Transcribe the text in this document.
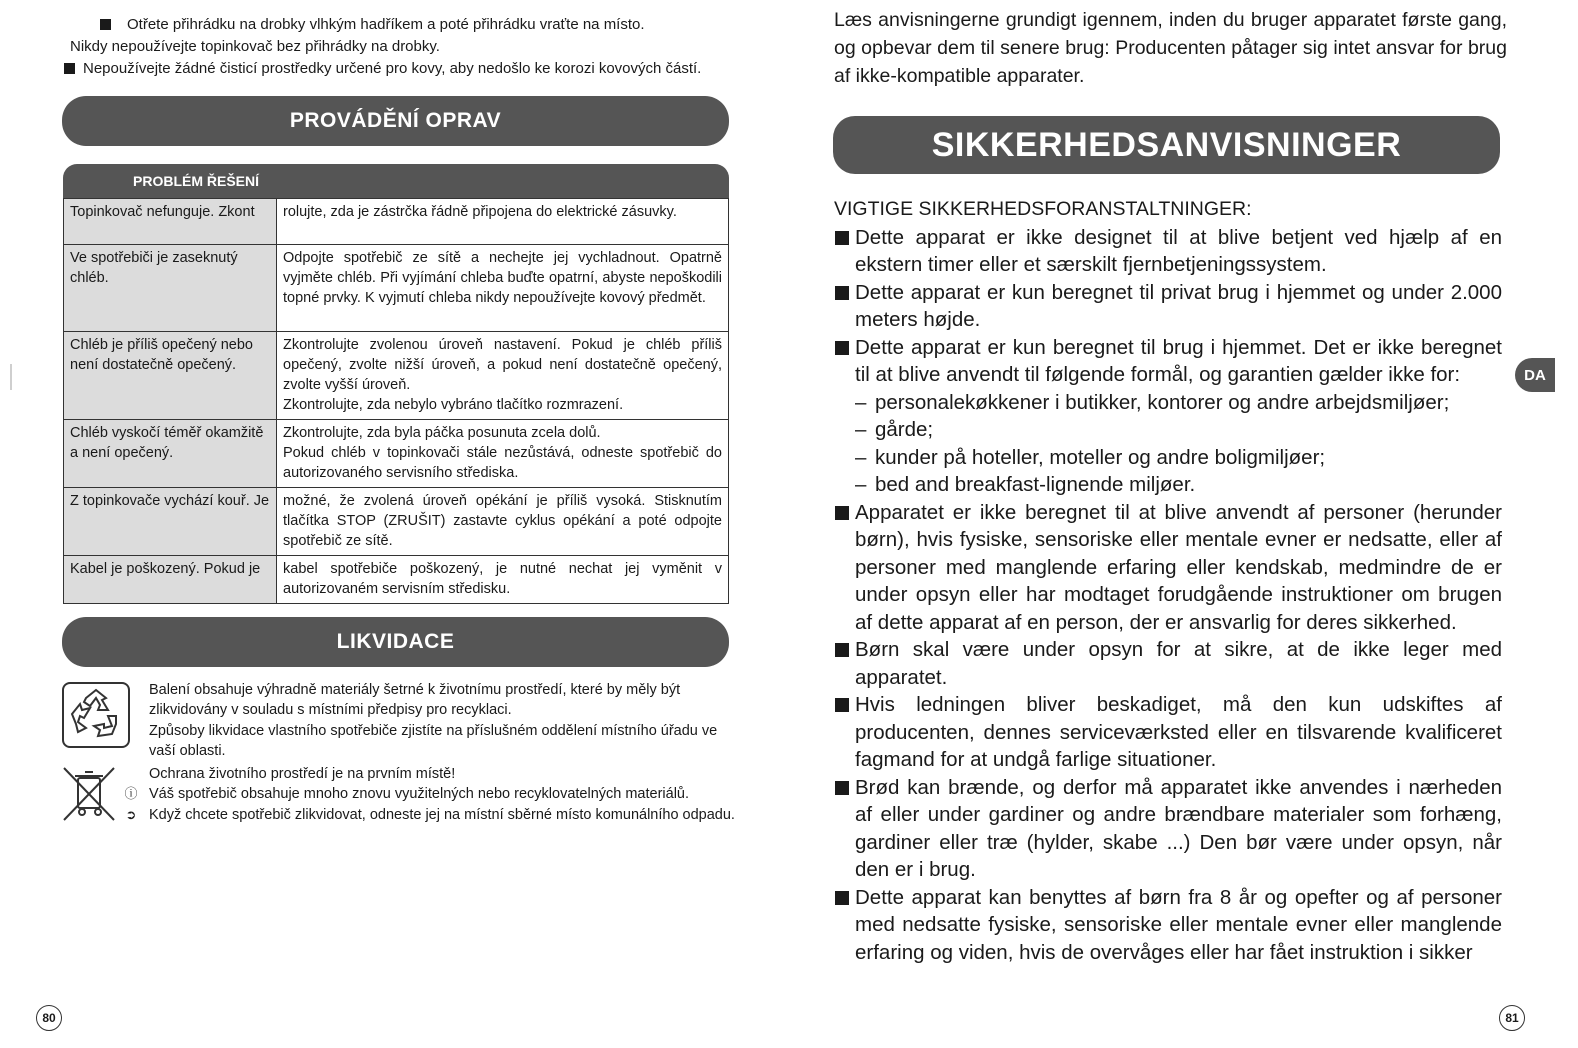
Otřete přihrádku na drobky vlhkým hadříkem a poté přihrádku vraťte na místo.
Nikdy nepoužívejte topinkovač bez přihrádky na drobky.
Nepoužívejte žádné čisticí prostředky určené pro kovy, aby nedošlo ke korozi kovových částí.
PROVÁDĚNÍ OPRAV
PROBLÉM ŘEŠENÍ
Topinkovač nefunguje. Zkont	rolujte, zda je zástrčka řádně připojena do elektrické zásuvky.
Ve spotřebiči je zaseknutý chléb.	Odpojte spotřebič ze sítě a nechejte jej vychladnout. Opatrně vyjměte chléb. Při vyjímání chleba buďte opatrní, abyste nepoškodili topné prvky. K vyjmutí chleba nikdy nepoužívejte kovový předmět.
Chléb je příliš opečený nebo není dostatečně opečený.	Zkontrolujte zvolenou úroveň nastavení. Pokud je chléb příliš opečený, zvolte nižší úroveň, a pokud není dostatečně opečený, zvolte vyšší úroveň.
Zkontrolujte, zda nebylo vybráno tlačítko rozmrazení.

Chléb vyskočí téměř okamžitě a není opečený.	Zkontrolujte, zda byla páčka posunuta zcela dolů.
Pokud chléb v topinkovači stále nezůstává, odneste spotřebič do autorizovaného servisního střediska.

Z topinkovače vychází kouř. Je	možné, že zvolená úroveň opékání je příliš vysoká. Stisknutím tlačítka STOP (ZRUŠIT) zastavte cyklus opékání a poté odpojte spotřebič ze sítě.
Kabel je poškozený. Pokud je	kabel spotřebiče poškozený, je nutné nechat jej vyměnit v autorizovaném servisním středisku.
LIKVIDACE
Balení obsahuje výhradně materiály šetrné k životnímu prostředí, které by měly být zlikvidovány v souladu s místními předpisy pro recyklaci.
Způsoby likvidace vlastního spotřebiče zjistíte na příslušném oddělení místního úřadu ve vaší oblasti.
Ochrana životního prostředí je na prvním místě!
ⓘ Váš spotřebič obsahuje mnoho znovu využitelných nebo recyklovatelných materiálů.
➲ Když chcete spotřebič zlikvidovat, odneste jej na místní sběrné místo komunálního odpadu.
80
Læs anvisningerne grundigt igennem, inden du bruger apparatet første gang, og opbevar dem til senere brug: Producenten påtager sig intet ansvar for brug af ikke-kompatible apparater.
SIKKERHEDSANVISNINGER
VIGTIGE SIKKERHEDSFORANSTALTNINGER:
Dette apparat er ikke designet til at blive betjent ved hjælp af en ekstern timer eller et særskilt fjernbetjeningssystem.
Dette apparat er kun beregnet til privat brug i hjemmet og under 2.000 meters højde.
Dette apparat er kun beregnet til brug i hjemmet. Det er ikke beregnet til at blive anvendt til følgende formål, og garantien gælder ikke for:
– personalekøkkener i butikker, kontorer og andre arbejdsmiljøer;
– gårde;
– kunder på hoteller, moteller og andre boligmiljøer;
– bed and breakfast-lignende miljøer.
Apparatet er ikke beregnet til at blive anvendt af personer (herunder børn), hvis fysiske, sensoriske eller mentale evner er nedsatte, eller af personer med manglende erfaring eller kendskab, medmindre de er under opsyn eller har modtaget forudgående instruktioner om brugen af dette apparat af en person, der er ansvarlig for deres sikkerhed.
Børn skal være under opsyn for at sikre, at de ikke leger med apparatet.
Hvis ledningen bliver beskadiget, må den kun udskiftes af producenten, dennes serviceværksted eller en tilsvarende kvalificeret fagmand for at undgå farlige situationer.
Brød kan brænde, og derfor må apparatet ikke anvendes i nærheden af eller under gardiner og andre brændbare materialer som forhæng, gardiner eller træ (hylder, skabe ...) Den bør være under opsyn, når den er i brug.
Dette apparat kan benyttes af børn fra 8 år og opefter og af personer med nedsatte fysiske, sensoriske eller mentale evner eller manglende erfaring og viden, hvis de overvåges eller har fået instruktion i sikker
DA
81
